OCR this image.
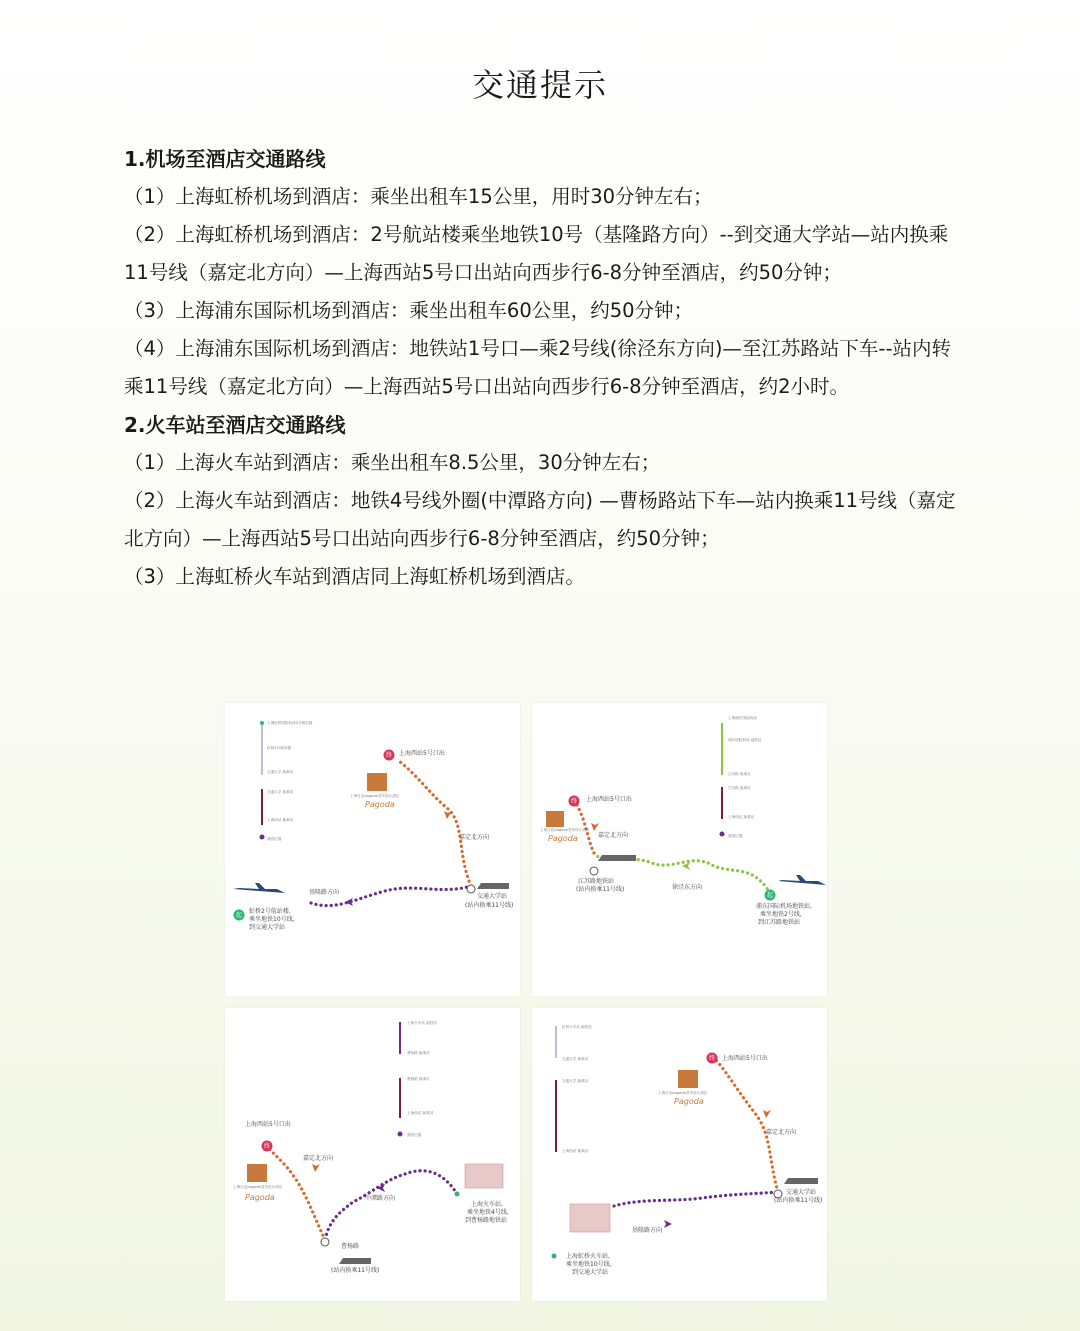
交通提示

1.机场至酒店交通路线

（1）上海虹桥机场到酒店：乘坐出租车15公里，用时30分钟左右；

（2）上海虹桥机场到酒店：2号航站楼乘坐地铁10号（基隆路方向）--到交通大学站—站内换乘11号线（嘉定北方向）—上海西站5号口出站向西步行6-8分钟至酒店，约50分钟；

（3）上海浦东国际机场到酒店：乘坐出租车60公里，约50分钟；

（4）上海浦东国际机场到酒店：地铁站1号口—乘2号线(徐泾东方向)—至江苏路站下车--站内转乘11号线（嘉定北方向）—上海西站5号口出站向西步行6-8分钟至酒店，约2小时。

2.火车站至酒店交通路线

（1）上海火车站到酒店：乘坐出租车8.5公里，30分钟左右；

（2）上海火车站到酒店：地铁4号线外圈(中潭路方向) —曹杨路站下车—站内换乘11号线（嘉定北方向）—上海西站5号口出站向西步行6-8分钟至酒店，约50分钟；

（3）上海虹桥火车站到酒店同上海虹桥机场到酒店。

上海虹桥国际机场2号航站楼
虹桥2号航站楼
交通大学 换乘站
交通大学 换乘站
上海西站 换乘站
我的位置
终
起
上海西站5号口出
嘉定北方向
基隆路方向
交通大学站
(站内换乘11号线)
虹桥2号航站楼,
乘坐地铁10号线,
到交通大学站
上海日佳pagoda君亭设计酒店
Pagoda
上海浦东国际机场
浦东国际机场 地铁站
江苏路 换乘站
江苏路 换乘站
上海西站 换乘站
我的位置
终
起
上海西站5号口出
嘉定北方向
徐泾东方向
江苏路地铁站
(站内换乘11号线)
浦东国际机场地铁站,
乘坐地铁2号线,
到江苏路地铁站
上海日佳pagoda君亭设计酒店
Pagoda
上海火车站 地铁站
曹杨路 换乘站
曹杨路 换乘站
上海西站 换乘站
我的位置
终
上海西站5号口出
嘉定北方向
中潭路方向
曹杨路
(站内换乘11号线)
上海火车站,
乘坐地铁4号线,
到曹杨路地铁站
上海日佳pagoda君亭设计酒店
Pagoda
虹桥火车站 地铁站
交通大学 换乘站
交通大学 换乘站
上海西站 换乘站
终 上海西站5号口出
嘉定北方向
基隆路方向
交通大学站
(站内换乘11号线)
上海虹桥火车站,
乘坐地铁10号线,
到交通大学站
上海日佳pagoda君亭设计酒店
Pagoda
